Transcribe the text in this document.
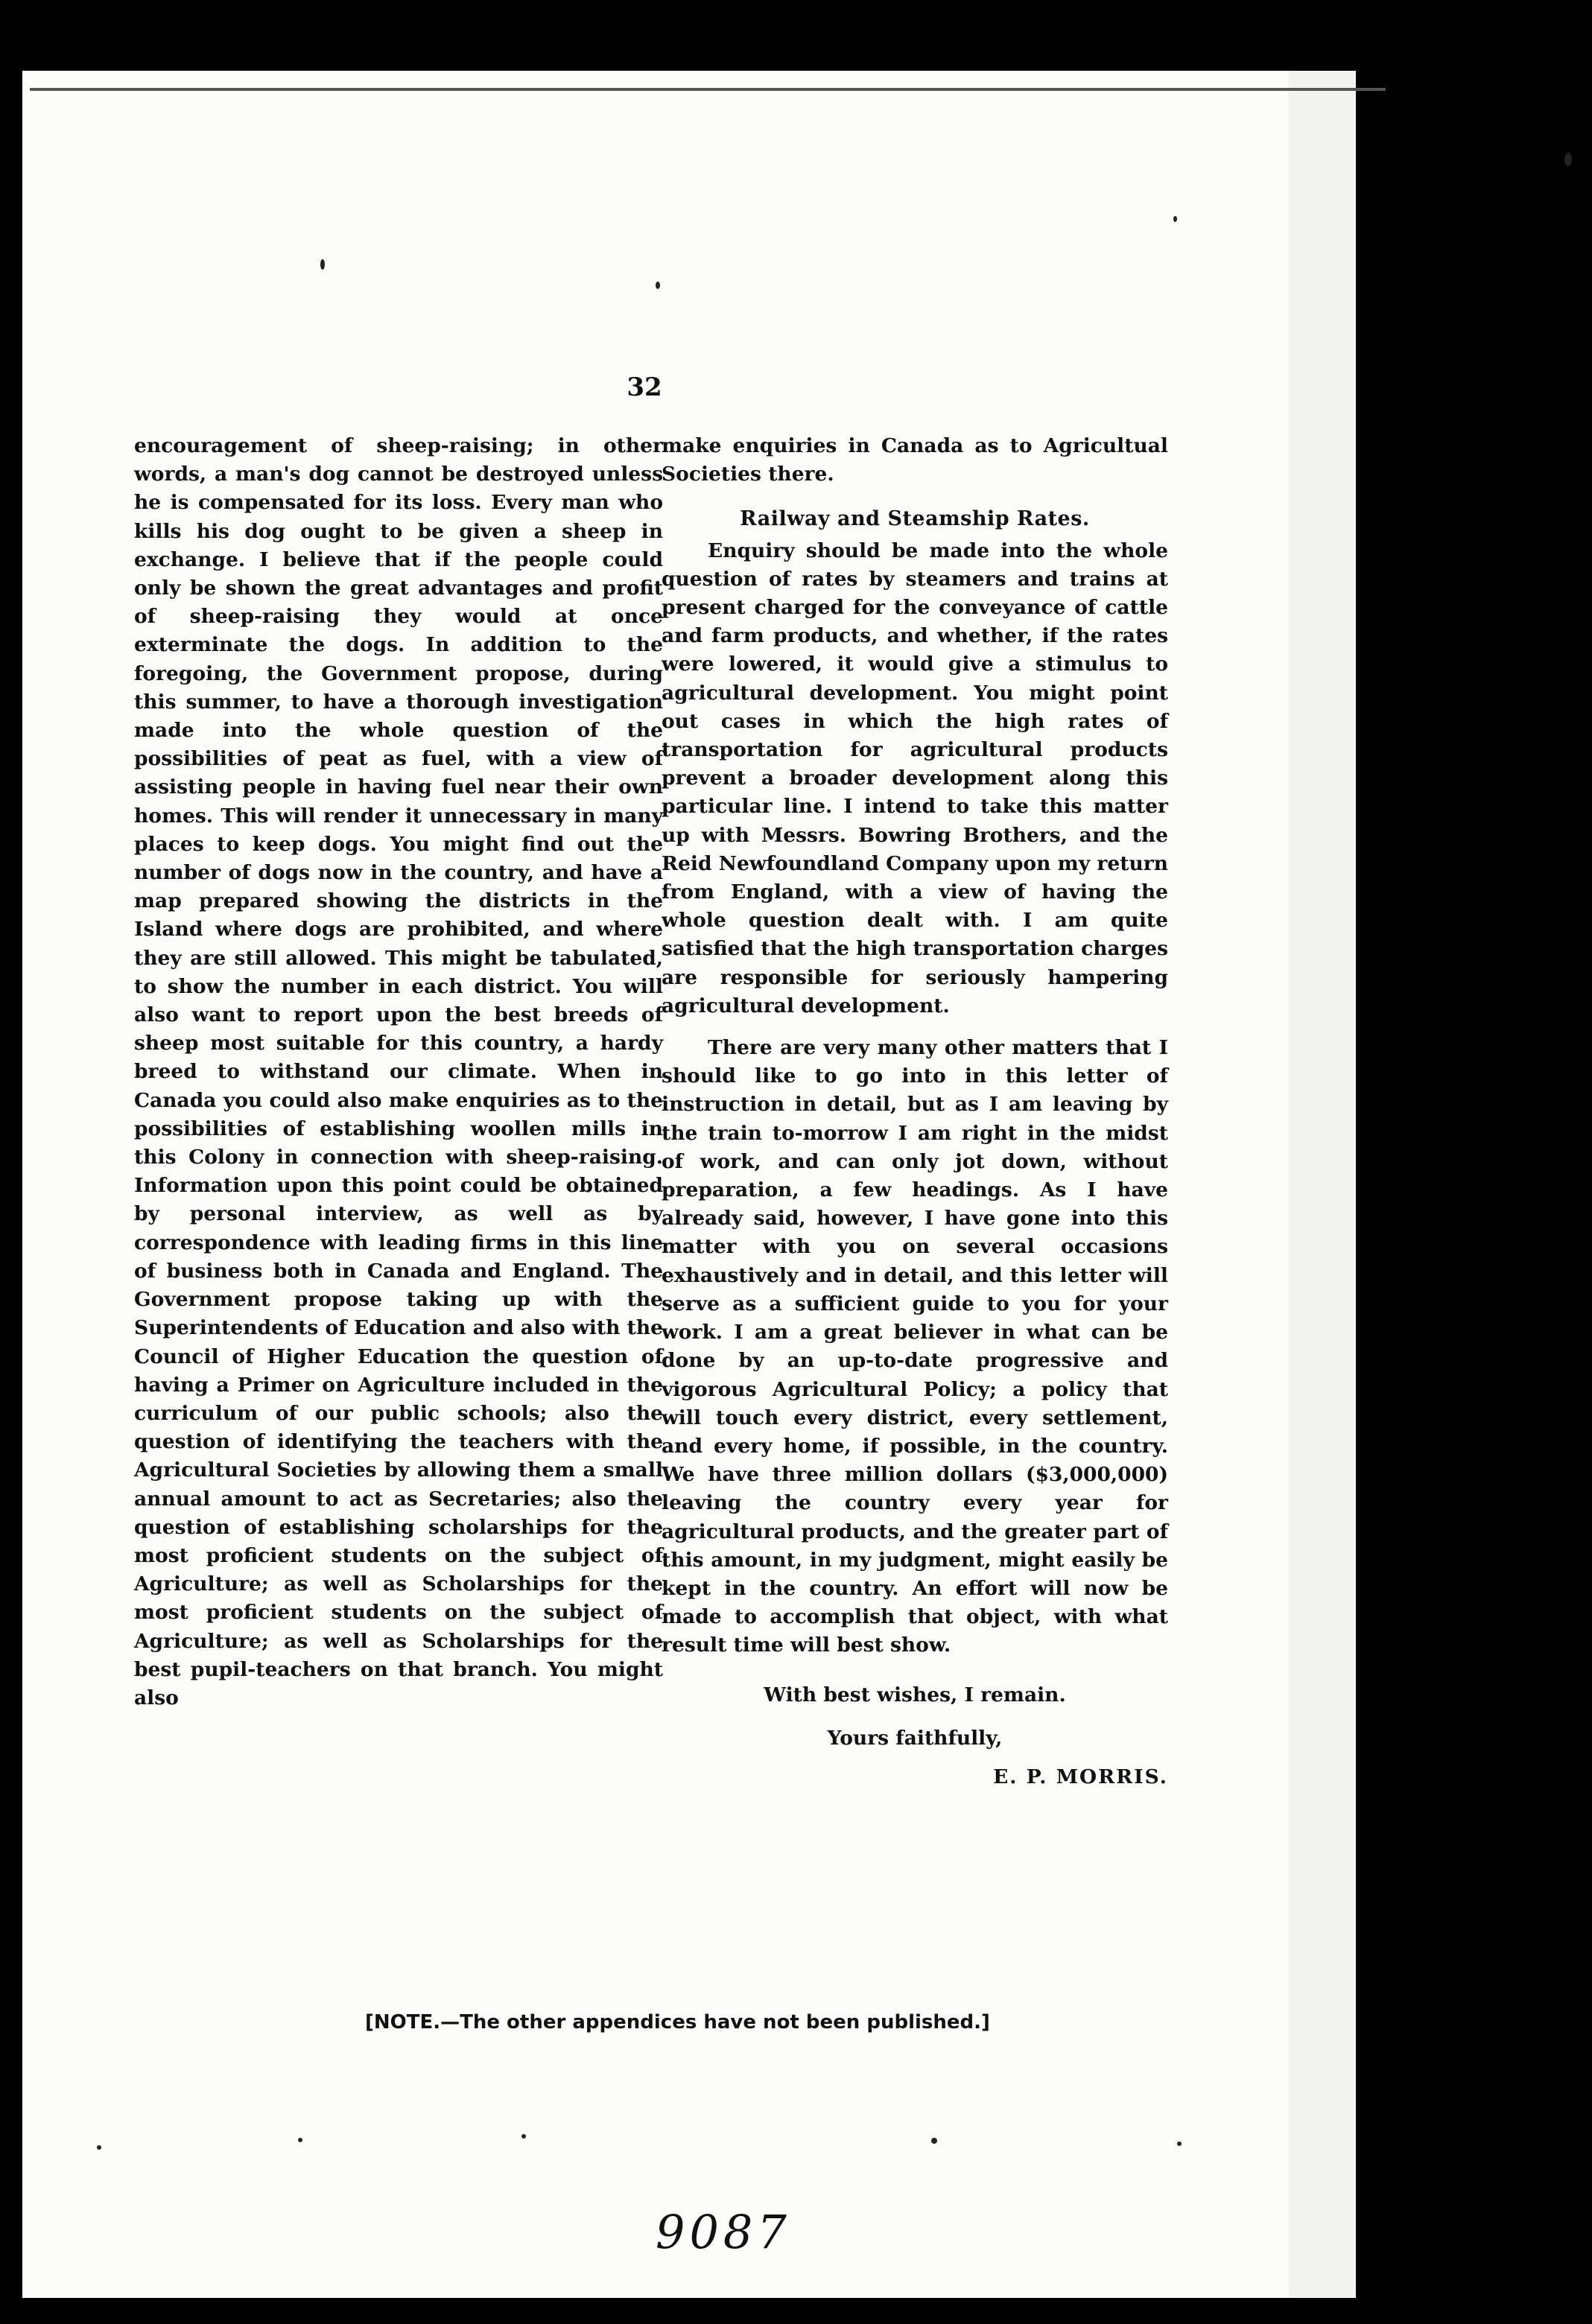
32

encouragement of sheep-raising; in other words, a man's dog cannot be destroyed unless he is compensated for its loss. Every man who kills his dog ought to be given a sheep in exchange. I believe that if the people could only be shown the great advantages and profit of sheep-raising they would at once exterminate the dogs. In addition to the foregoing, the Government propose, during this summer, to have a thorough investigation made into the whole question of the possibilities of peat as fuel, with a view of assisting people in having fuel near their own homes. This will render it unnecessary in many places to keep dogs. You might find out the number of dogs now in the country, and have a map prepared showing the districts in the Island where dogs are prohibited, and where they are still allowed. This might be tabulated, to show the number in each district. You will also want to report upon the best breeds of sheep most suitable for this country, a hardy breed to withstand our climate. When in Canada you could also make enquiries as to the possibilities of establishing woollen mills in this Colony in connection with sheep-raising. Information upon this point could be obtained by personal interview, as well as by correspondence with leading firms in this line of business both in Canada and England. The Government propose taking up with the Superintendents of Education and also with the Council of Higher Education the question of having a Primer on Agriculture included in the curriculum of our public schools; also the question of identifying the teachers with the Agricultural Societies by allowing them a small annual amount to act as Secretaries; also the question of establishing scholarships for the most proficient students on the subject of Agriculture; as well as Scholarships for the most proficient students on the subject of Agriculture; as well as Scholarships for the best pupil-teachers on that branch. You might also

make enquiries in Canada as to Agricultual Societies there.

Railway and Steamship Rates.

Enquiry should be made into the whole question of rates by steamers and trains at present charged for the conveyance of cattle and farm products, and whether, if the rates were lowered, it would give a stimulus to agricultural development. You might point out cases in which the high rates of transportation for agricultural products prevent a broader development along this particular line. I intend to take this matter up with Messrs. Bowring Brothers, and the Reid Newfoundland Company upon my return from England, with a view of having the whole question dealt with. I am quite satisfied that the high transportation charges are responsible for seriously hampering agricultural development.

There are very many other matters that I should like to go into in this letter of instruction in detail, but as I am leaving by the train to-morrow I am right in the midst of work, and can only jot down, without preparation, a few headings. As I have already said, however, I have gone into this matter with you on several occasions exhaustively and in detail, and this letter will serve as a sufficient guide to you for your work. I am a great believer in what can be done by an up-to-date progressive and vigorous Agricultural Policy; a policy that will touch every district, every settlement, and every home, if possible, in the country. We have three million dollars ($3,000,000) leaving the country every year for agricultural products, and the greater part of this amount, in my judgment, might easily be kept in the country. An effort will now be made to accomplish that object, with what result time will best show.

With best wishes, I remain.

Yours faithfully,

E. P. MORRIS.

[NOTE.—The other appendices have not been published.]
9087
